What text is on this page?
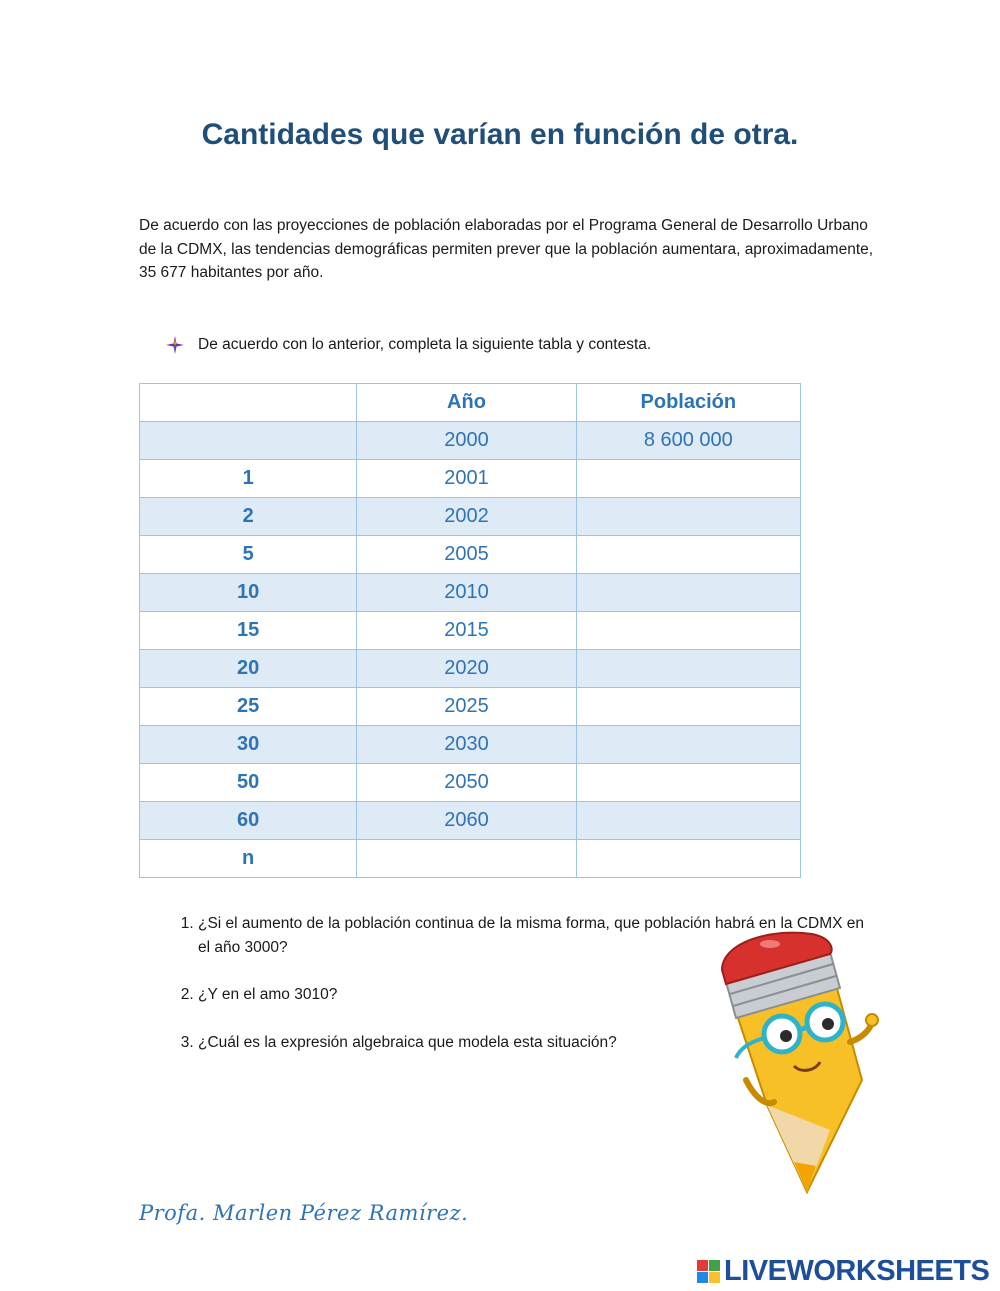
Cantidades que varían en función de otra.

De acuerdo con las proyecciones de población elaboradas por el Programa General de Desarrollo Urbano de la CDMX, las tendencias demográficas permiten prever que la población aumentara, aproximadamente, 35 677 habitantes por año.

De acuerdo con lo anterior, completa la siguiente tabla y contesta.
	Año	Población
	2000	8 600 000
1	2001	
2	2002	
5	2005	
10	2010	
15	2015	
20	2020	
25	2025	
30	2030	
50	2050	
60	2060	
n		
1. ¿Si el aumento de la población continua de la misma forma, que población habrá en la CDMX en el año 3000?
2. ¿Y en el amo 3010?
3. ¿Cuál es la expresión algebraica que modela esta situación?
Profa. Marlen Pérez Ramírez.
LIVEWORKSHEETS
